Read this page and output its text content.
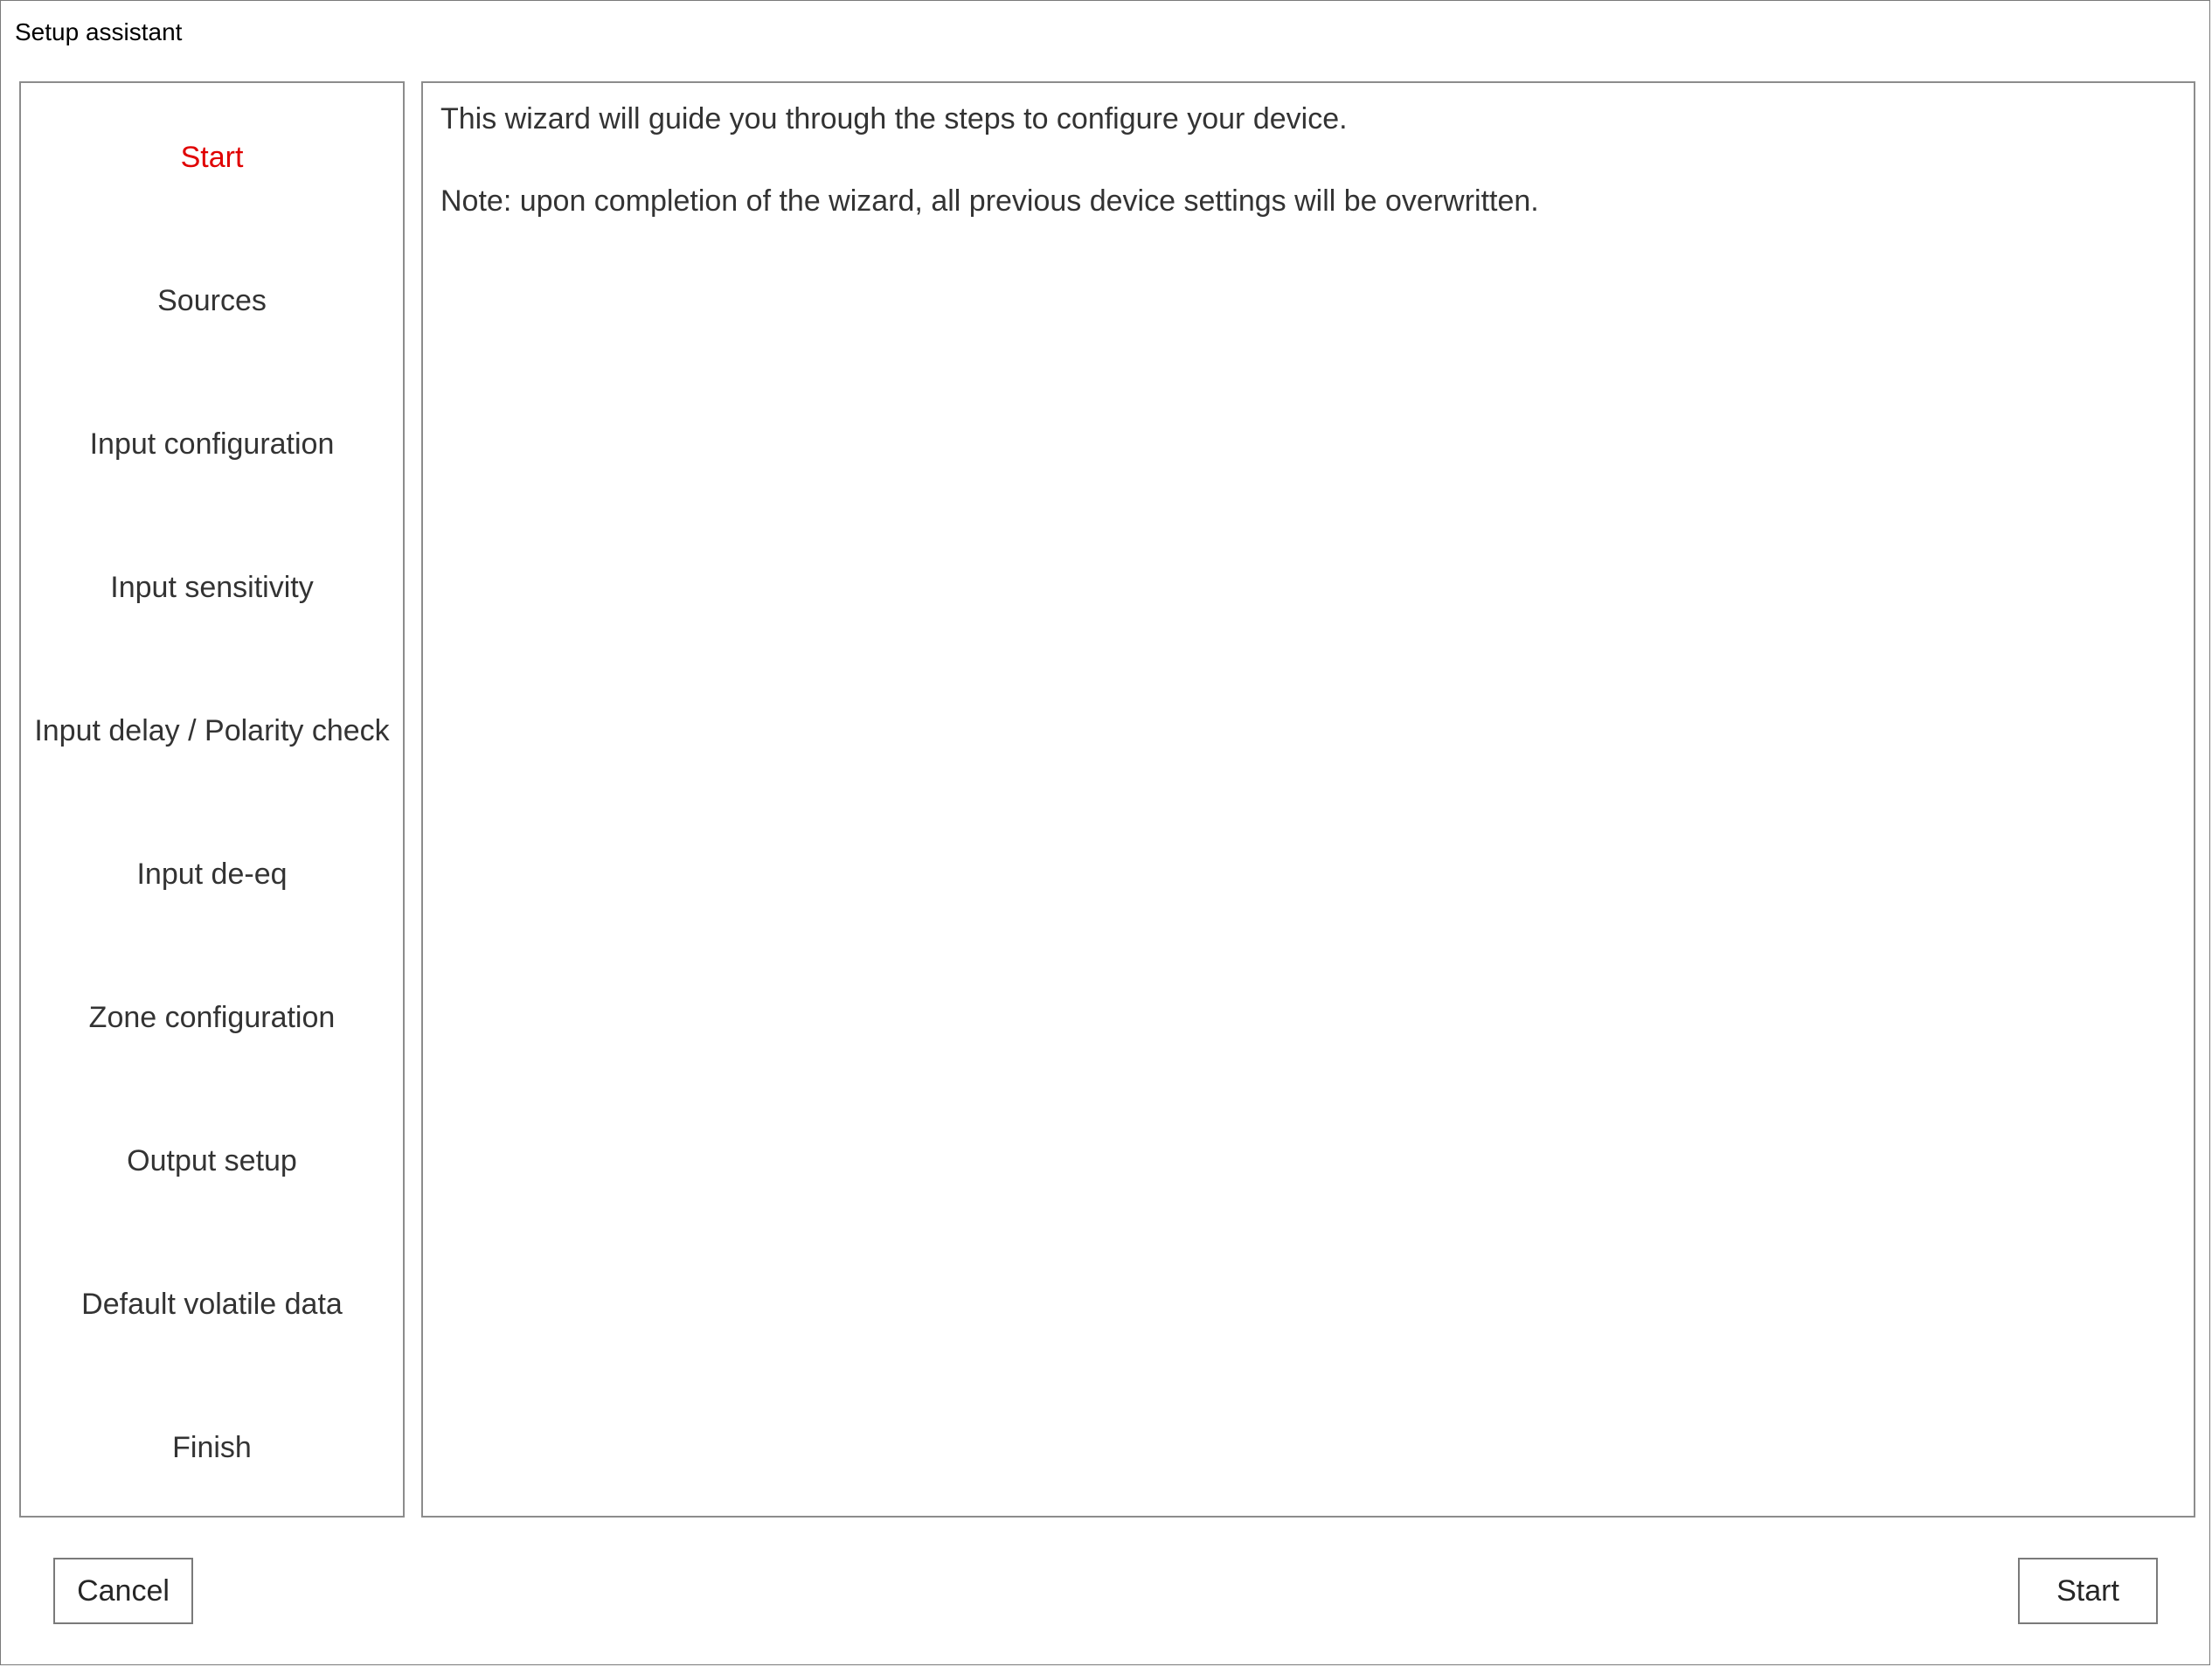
Setup assistant
Start
Sources
Input configuration
Input sensitivity
Input delay / Polarity check
Input de-eq
Zone configuration
Output setup
Default volatile data
Finish
This wizard will guide you through the steps to configure your device.
Note: upon completion of the wizard, all previous device settings will be overwritten.
Cancel	Start
